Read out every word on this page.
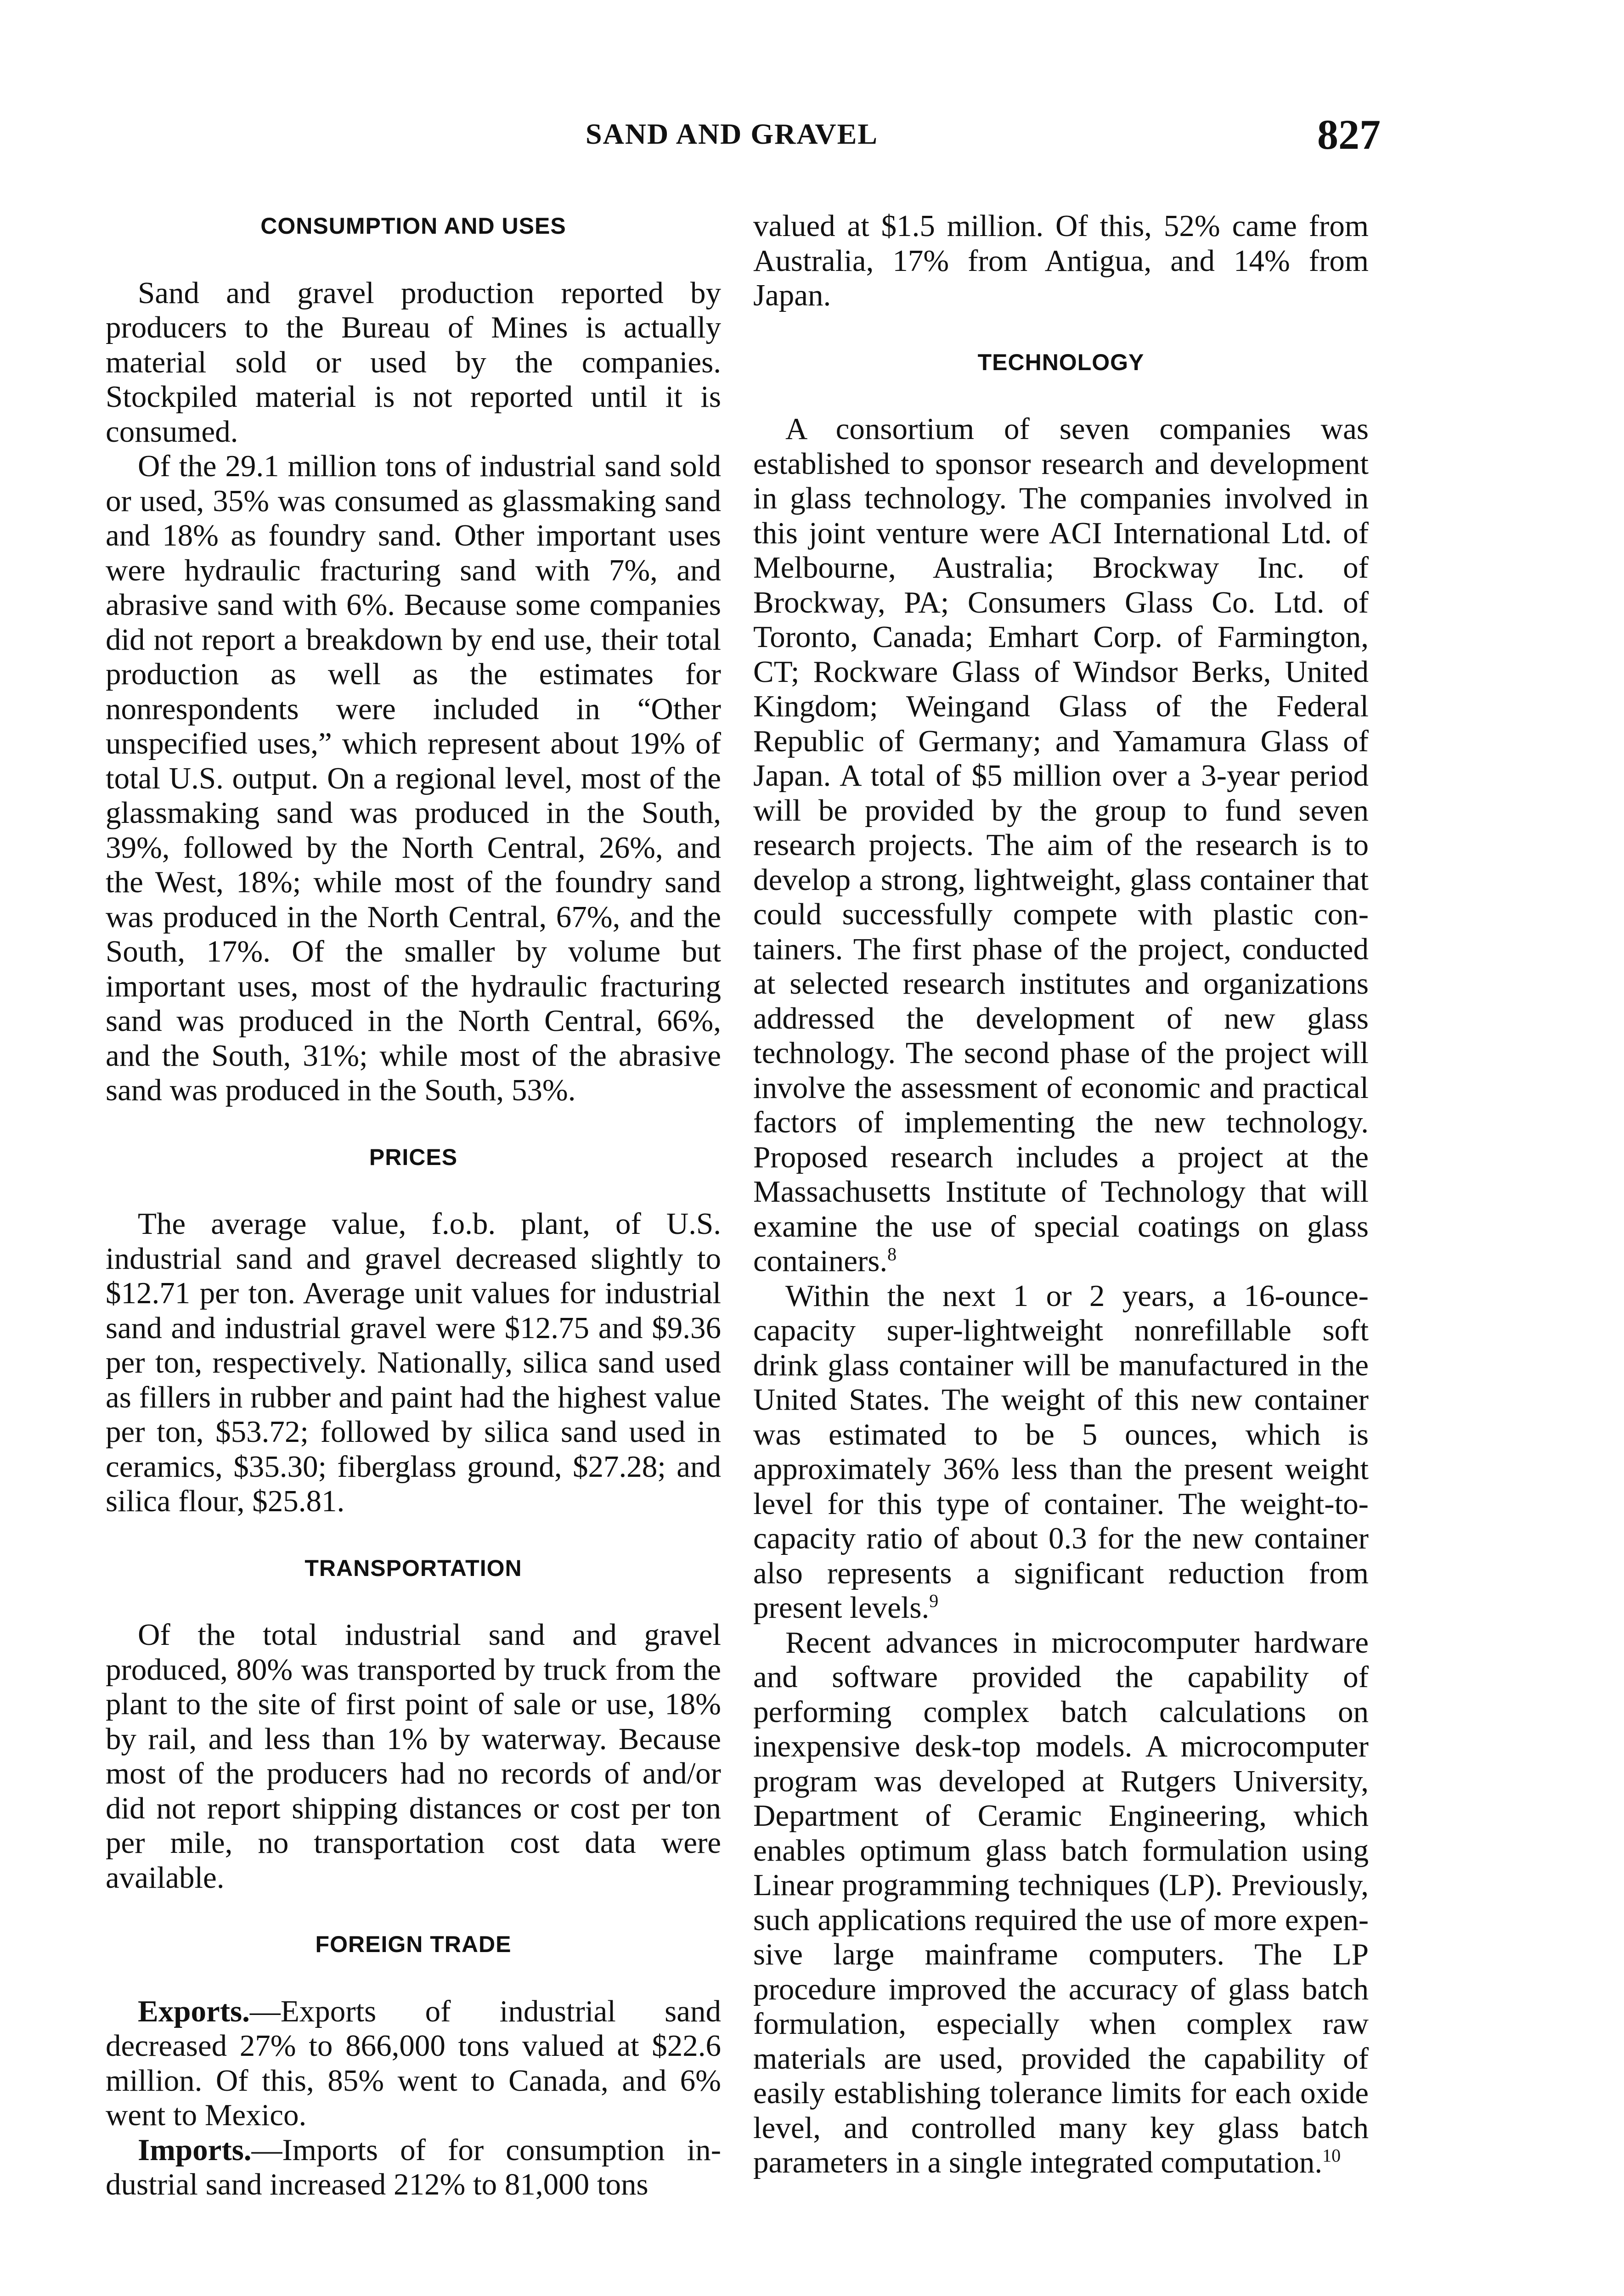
SAND AND GRAVEL	827
CONSUMPTION AND USES

Sand and gravel production reported by producers to the Bureau of Mines is actually material sold or used by the companies. Stockpiled material is not reported until it is consumed.

Of the 29.1 million tons of industrial sand sold or used, 35% was consumed as glassmaking sand and 18% as foundry sand. Other important uses were hydraulic fracturing sand with 7%, and abrasive sand with 6%. Because some companies did not report a breakdown by end use, their total production as well as the estimates for nonrespondents were included in “Other unspecified uses,” which represent about 19% of total U.S. output. On a regional level, most of the glassmaking sand was produced in the South, 39%, followed by the North Central, 26%, and the West, 18%; while most of the foundry sand was produced in the North Central, 67%, and the South, 17%. Of the smaller by volume but important uses, most of the hydraulic fracturing sand was produced in the North Central, 66%, and the South, 31%; while most of the abrasive sand was produced in the South, 53%.

PRICES

The average value, f.o.b. plant, of U.S. industrial sand and gravel decreased slightly to $12.71 per ton. Average unit values for industrial sand and industrial gravel were $12.75 and $9.36 per ton, respectively. Nationally, silica sand used as fillers in rubber and paint had the highest value per ton, $53.72; followed by silica sand used in ceramics, $35.30; fiberglass ground, $27.28; and silica flour, $25.81.

TRANSPORTATION

Of the total industrial sand and gravel produced, 80% was transported by truck from the plant to the site of first point of sale or use, 18% by rail, and less than 1% by waterway. Because most of the producers had no records of and/or did not report shipping distances or cost per ton per mile, no transportation cost data were available.

FOREIGN TRADE

Exports.—Exports of industrial sand decreased 27% to 866,000 tons valued at $22.6 million. Of this, 85% went to Canada, and 6% went to Mexico.

Imports.—Imports of for consumption industrial sand increased 212% to 81,000 tons

valued at $1.5 million. Of this, 52% came from Australia, 17% from Antigua, and 14% from Japan.

TECHNOLOGY

A consortium of seven companies was established to sponsor research and development in glass technology. The companies involved in this joint venture were ACI International Ltd. of Melbourne, Australia; Brockway Inc. of Brockway, PA; Consumers Glass Co. Ltd. of Toronto, Canada; Emhart Corp. of Farmington, CT; Rockware Glass of Windsor Berks, United Kingdom; Weingand Glass of the Federal Republic of Germany; and Yamamura Glass of Japan. A total of $5 million over a 3-year period will be provided by the group to fund seven research projects. The aim of the research is to develop a strong, lightweight, glass container that could successfully compete with plastic containers. The first phase of the project, conducted at selected research institutes and organizations addressed the development of new glass technology. The second phase of the project will involve the assessment of economic and practical factors of implementing the new technology. Proposed research includes a project at the Massachusetts Institute of Technology that will examine the use of special coatings on glass containers.$^8$

Within the next 1 or 2 years, a 16-ounce-capacity super-lightweight nonrefillable soft drink glass container will be manufactured in the United States. The weight of this new container was estimated to be 5 ounces, which is approximately 36% less than the present weight level for this type of container. The weight-to-capacity ratio of about 0.3 for the new container also represents a significant reduction from present levels.$^9$

Recent advances in microcomputer hardware and software provided the capability of performing complex batch calculations on inexpensive desk-top models. A microcomputer program was developed at Rutgers University, Department of Ceramic Engineering, which enables optimum glass batch formulation using Linear programming techniques (LP). Previously, such applications required the use of more expensive large mainframe computers. The LP procedure improved the accuracy of glass batch formulation, especially when complex raw materials are used, provided the capability of easily establishing tolerance limits for each oxide level, and controlled many key glass batch parameters in a single integrated computation.$^{10}$
